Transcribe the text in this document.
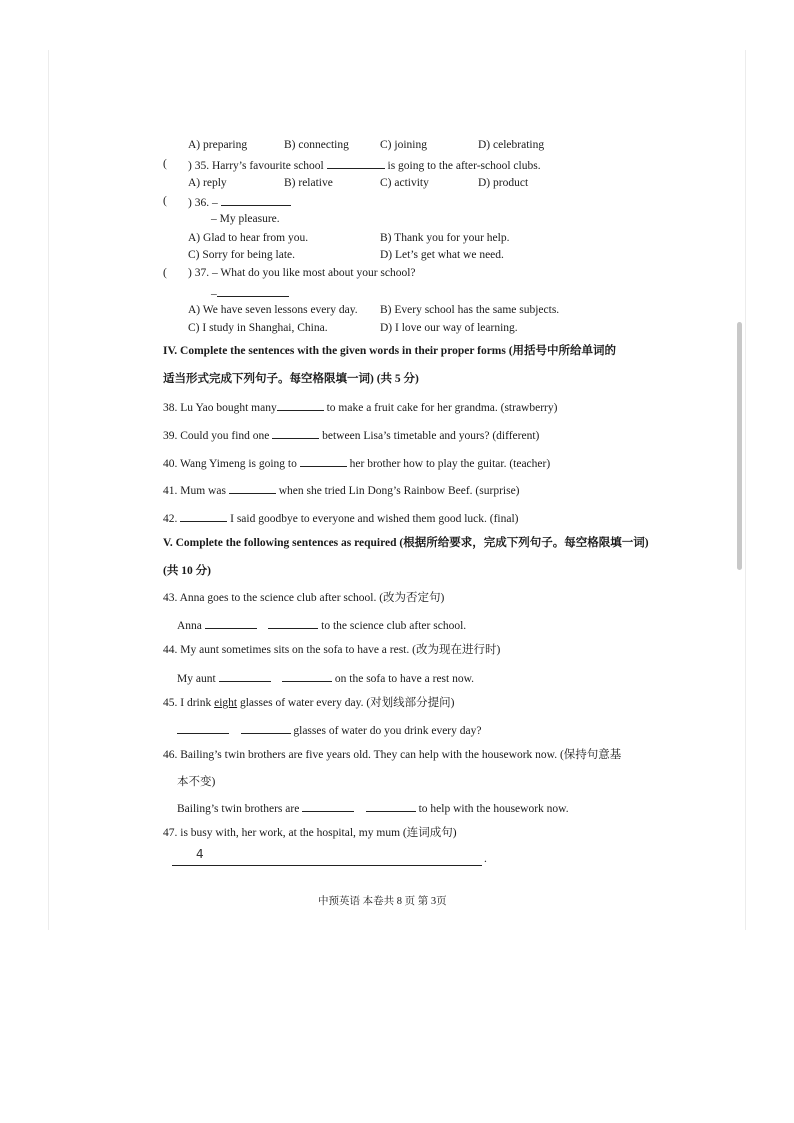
A) preparing	B) connecting	C) joining	D) celebrating
( ) 35. Harry’s favourite school	is going to the after-school clubs.
A) reply	B) relative	C) activity	D) product
( ) 36. –
– My pleasure.
A) Glad to hear from you.	B) Thank you for your help.
C) Sorry for being late.	D) Let’s get what we need.
( ) 37. – What do you like most about your school?
–
A) We have seven lessons every day. B) Every school has the same subjects.
C) I study in Shanghai, China.	D) I love our way of learning.
IV. Complete the sentences with the given words in their proper forms (用括号中所给单词的
适当形式完成下列句子。每空格限填一词) (共 5 分)
38. Lu Yao bought many	to make a fruit cake for her grandma. (strawberry)
39. Could you find one	between Lisa’s timetable and yours? (different)
40. Wang Yimeng is going to	her brother how to play the guitar. (teacher)
41. Mum was	when she tried Lin Dong’s Rainbow Beef. (surprise)
42.	I said goodbye to everyone and wished them good luck. (final)
V. Complete the following sentences as required (根据所给要求，完成下列句子。每空格限填一词)
(共 10 分)
43. Anna goes to the science club after school. (改为否定句)
Anna	to the science club after school.
44. My aunt sometimes sits on the sofa to have a rest. (改为现在进行时)
My aunt	on the sofa to have a rest now.
45. I drink eight glasses of water every day. (对划线部分提问)
glasses of water do you drink every day?
46. Bailing’s twin brothers are five years old. They can help with the housework now. (保持句意基
本不变)
Bailing’s twin brothers are	to help with the housework now.
47. is busy with, her work, at the hospital, my mum (连词成句)
4	.
中预英语 本卷共 8 页 第 3页
